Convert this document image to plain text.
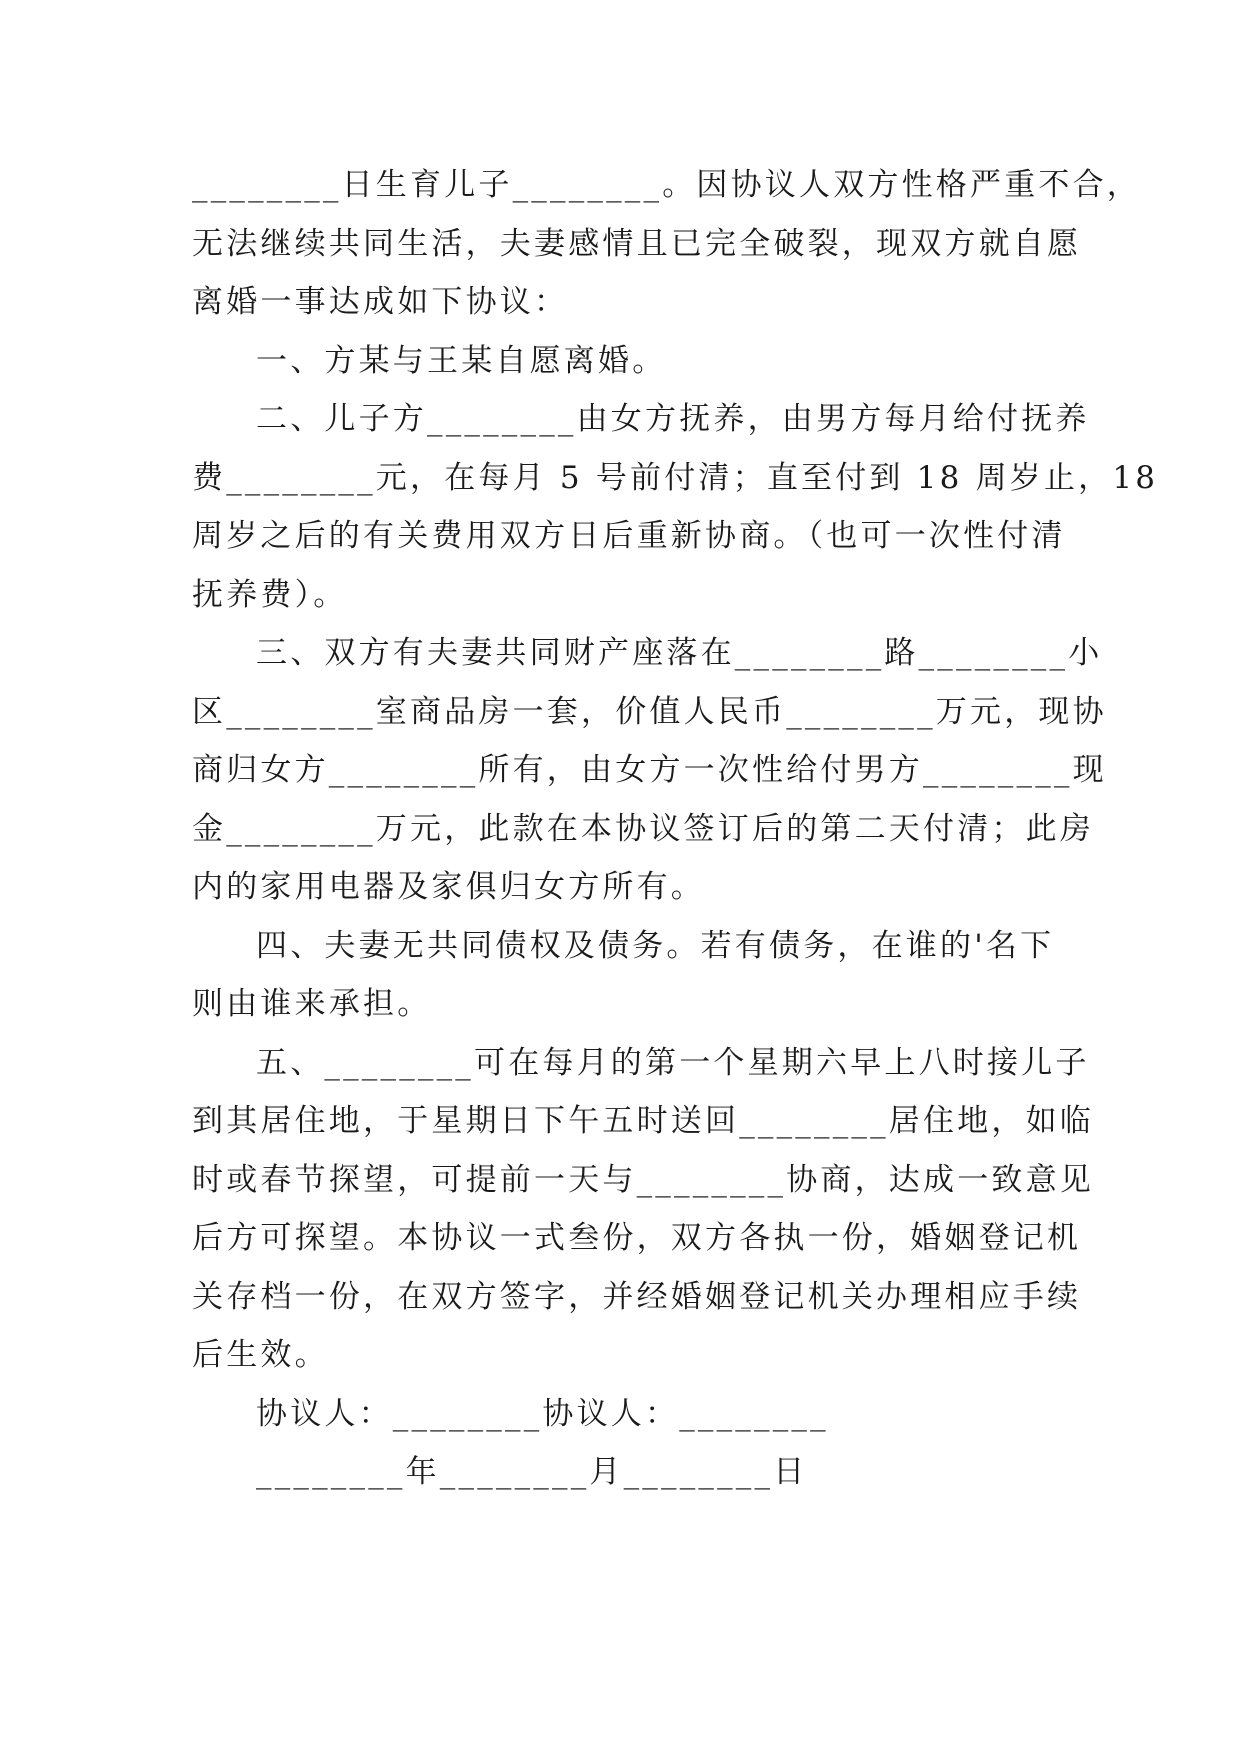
________日生育儿子________。因协议人双方性格严重不合，
无法继续共同生活，夫妻感情且已完全破裂，现双方就自愿
离婚一事达成如下协议：
一、方某与王某自愿离婚。
二、儿子方________由女方抚养，由男方每月给付抚养
费________元，在每月 5 号前付清；直至付到 18 周岁止，18
周岁之后的有关费用双方日后重新协商。（也可一次性付清
抚养费）。
三、双方有夫妻共同财产座落在________路________小
区________室商品房一套，价值人民币________万元，现协
商归女方________所有，由女方一次性给付男方________现
金________万元，此款在本协议签订后的第二天付清；此房
内的家用电器及家俱归女方所有。
四、夫妻无共同债权及债务。若有债务，在谁的'名下
则由谁来承担。
五、________可在每月的第一个星期六早上八时接儿子
到其居住地，于星期日下午五时送回________居住地，如临
时或春节探望，可提前一天与________协商，达成一致意见
后方可探望。本协议一式叁份，双方各执一份，婚姻登记机
关存档一份，在双方签字，并经婚姻登记机关办理相应手续
后生效。
协议人：________协议人：________
________年________月________日
